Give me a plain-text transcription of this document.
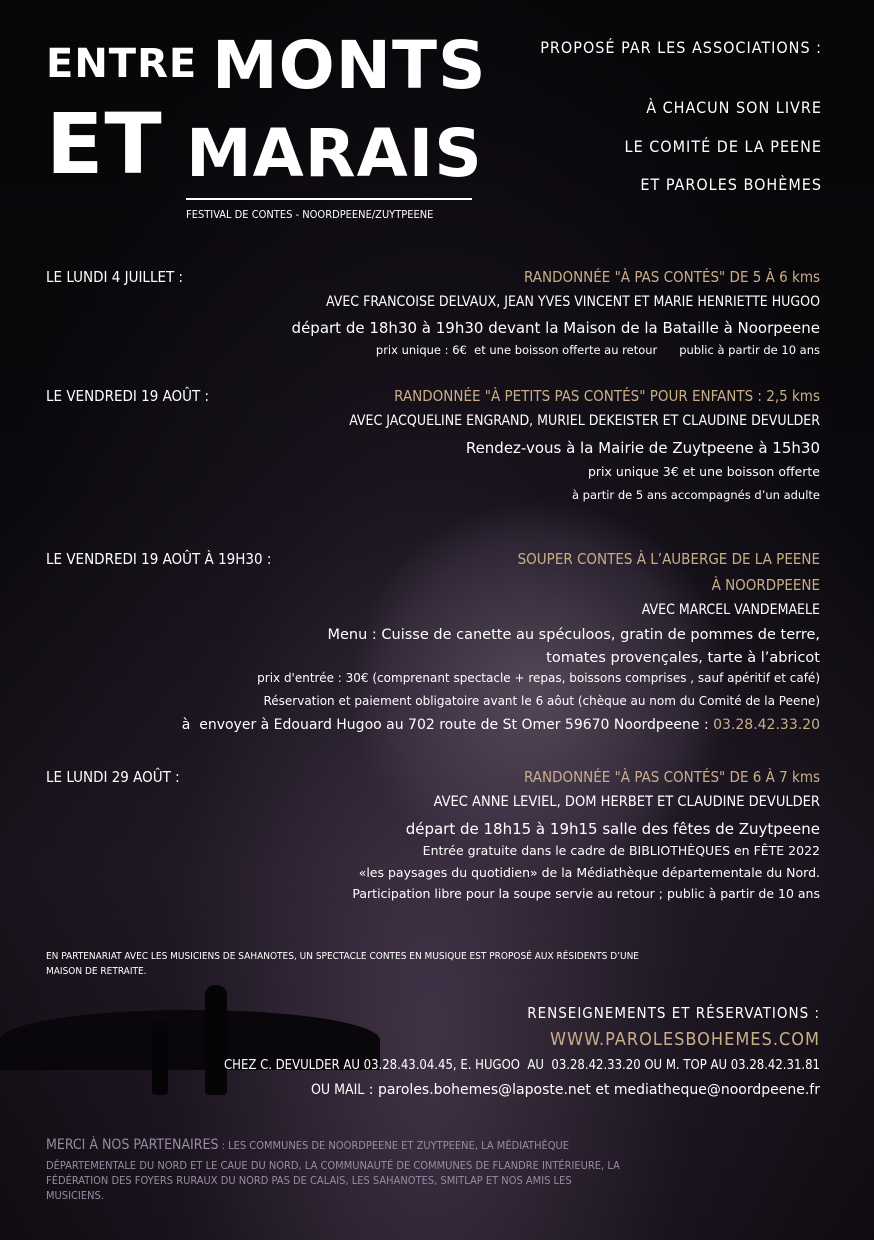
ENTRE MONTS
ET MARAIS
FESTIVAL DE CONTES - NOORDPEENE/ZUYTPEENE
PROPOSÉ PAR LES ASSOCIATIONS :
À CHACUN SON LIVRE
LE COMITÉ DE LA PEENE
ET PAROLES BOHÈMES
LE LUNDI 4 JUILLET :	RANDONNÉE "À PAS CONTÉS" DE 5 À 6 kms
AVEC FRANCOISE DELVAUX, JEAN YVES VINCENT ET MARIE HENRIETTE HUGOO
départ de 18h30 à 19h30 devant la Maison de la Bataille à Noorpeene
prix unique : 6€  et une boisson offerte au retour      public à partir de 10 ans
LE VENDREDI 19 AOÛT :	RANDONNÉE "À PETITS PAS CONTÉS" POUR ENFANTS : 2,5 kms
AVEC JACQUELINE ENGRAND, MURIEL DEKEISTER ET CLAUDINE DEVULDER
Rendez-vous à la Mairie de Zuytpeene à 15h30
prix unique 3€ et une boisson offerte
à partir de 5 ans accompagnés d’un adulte
LE VENDREDI 19 AOÛT À 19H30 :	SOUPER CONTES À L’AUBERGE DE LA PEENE
À NOORDPEENE
AVEC MARCEL VANDEMAELE
Menu : Cuisse de canette au spéculoos, gratin de pommes de terre,
tomates provençales, tarte à l’abricot
prix d'entrée : 30€ (comprenant spectacle + repas, boissons comprises , sauf apéritif et café)
Réservation et paiement obligatoire avant le 6 aôut (chèque au nom du Comité de la Peene)
à  envoyer à Edouard Hugoo au 702 route de St Omer 59670 Noordpeene : 03.28.42.33.20
LE LUNDI 29 AOÛT :	RANDONNÉE "À PAS CONTÉS" DE 6 À 7 kms
AVEC ANNE LEVIEL, DOM HERBET ET CLAUDINE DEVULDER
départ de 18h15 à 19h15 salle des fêtes de Zuytpeene
Entrée gratuite dans le cadre de BIBLIOTHÈQUES en FÊTE 2022
«les paysages du quotidien» de la Médiathèque départementale du Nord.
Participation libre pour la soupe servie au retour ; public à partir de 10 ans
EN PARTENARIAT AVEC LES MUSICIENS DE SAHANOTES, UN SPECTACLE CONTES EN MUSIQUE EST PROPOSÉ AUX RÉSIDENTS D’UNE
MAISON DE RETRAITE.
RENSEIGNEMENTS ET RÉSERVATIONS :
WWW.PAROLESBOHEMES.COM
CHEZ C. DEVULDER AU 03.28.43.04.45, E. HUGOO  AU  03.28.42.33.20 OU M. TOP AU 03.28.42.31.81
OU MAIL : paroles.bohemes@laposte.net et mediatheque@noordpeene.fr
MERCI À NOS PARTENAIRES : LES COMMUNES DE NOORDPEENE ET ZUYTPEENE, LA MÉDIATHÈQUE
DÉPARTEMENTALE DU NORD ET LE CAUE DU NORD, LA COMMUNAUTÉ DE COMMUNES DE FLANDRE INTÉRIEURE, LA
FÉDÉRATION DES FOYERS RURAUX DU NORD PAS DE CALAIS, LES SAHANOTES, SMITLAP ET NOS AMIS LES
MUSICIENS.
